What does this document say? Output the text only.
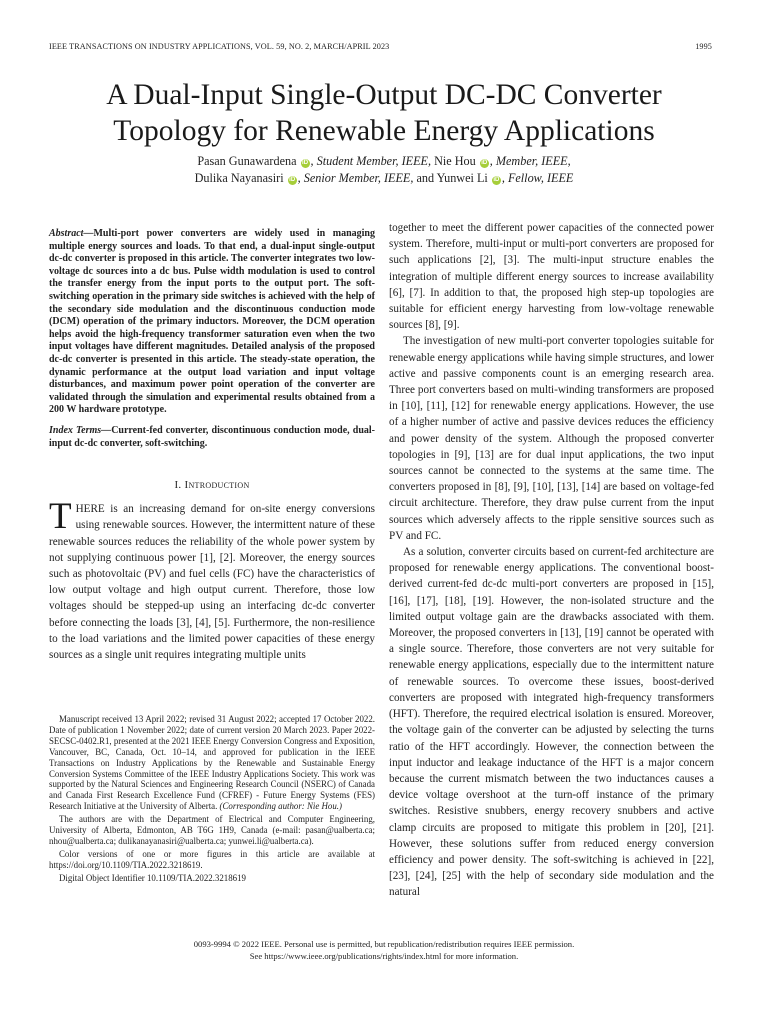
IEEE TRANSACTIONS ON INDUSTRY APPLICATIONS, VOL. 59, NO. 2, MARCH/APRIL 2023	1995
A Dual-Input Single-Output DC-DC Converter
Topology for Renewable Energy Applications
Pasan Gunawardena iD , Student Member, IEEE, Nie Hou iD , Member, IEEE,
Dulika Nayanasiri iD , Senior Member, IEEE, and Yunwei Li iD , Fellow, IEEE

Abstract—Multi-port power converters are widely used in managing multiple energy sources and loads. To that end, a dual-input single-output dc-dc converter is proposed in this article. The converter integrates two low-voltage dc sources into a dc bus. Pulse width modulation is used to control the transfer energy from the input ports to the output port. The soft-switching operation in the primary side switches is achieved with the help of the secondary side modulation and the discontinuous conduction mode (DCM) operation of the primary inductors. Moreover, the DCM operation helps avoid the high-frequency transformer saturation even when the two input voltages have different magnitudes. Detailed analysis of the proposed dc-dc converter is presented in this article. The steady-state operation, the dynamic performance at the output load variation and input voltage disturbances, and maximum power point operation of the converter are validated through the simulation and experimental results obtained from a 200 W hardware prototype.

Index Terms—Current-fed converter, discontinuous conduction mode, dual-input dc-dc converter, soft-switching.

I. Introduction

THERE is an increasing demand for on-site energy conversions using renewable sources. However, the intermittent nature of these renewable sources reduces the reliability of the whole power system by not supplying continuous power [1], [2]. Moreover, the energy sources such as photovoltaic (PV) and fuel cells (FC) have the characteristics of low output voltage and high output current. Therefore, those low voltages should be stepped-up using an interfacing dc-dc converter before connecting the loads [3], [4], [5]. Furthermore, the non-resilience to the load variations and the limited power capacities of these energy sources as a single unit requires integrating multiple units

Manuscript received 13 April 2022; revised 31 August 2022; accepted 17 October 2022. Date of publication 1 November 2022; date of current version 20 March 2023. Paper 2022-SECSC-0402.R1, presented at the 2021 IEEE Energy Conversion Congress and Exposition, Vancouver, BC, Canada, Oct. 10–14, and approved for publication in the IEEE Transactions on Industry Applications by the Renewable and Sustainable Energy Conversion Systems Committee of the IEEE Industry Applications Society. This work was supported by the Natural Sciences and Engineering Research Council (NSERC) of Canada and Canada First Research Excellence Fund (CFREF) - Future Energy Systems (FES) Research Initiative at the University of Alberta. (Corresponding author: Nie Hou.)

The authors are with the Department of Electrical and Computer Engineering, University of Alberta, Edmonton, AB T6G 1H9, Canada (e-mail: pasan@ualberta.ca; nhou@ualberta.ca; dulikanayanasiri@ualberta.ca; yunwei.li@ualberta.ca).

Color versions of one or more figures in this article are available at https://doi.org/10.1109/TIA.2022.3218619.

Digital Object Identifier 10.1109/TIA.2022.3218619

together to meet the different power capacities of the connected power system. Therefore, multi-input or multi-port converters are proposed for such applications [2], [3]. The multi-input structure enables the integration of multiple different energy sources to increase availability [6], [7]. In addition to that, the proposed high step-up topologies are suitable for efficient energy harvesting from low-voltage renewable sources [8], [9].

The investigation of new multi-port converter topologies suitable for renewable energy applications while having simple structures, and lower active and passive components count is an emerging research area. Three port converters based on multi-winding transformers are proposed in [10], [11], [12] for renewable energy applications. However, the use of a higher number of active and passive devices reduces the efficiency and power density of the system. Although the proposed converter topologies in [9], [13] are for dual input applications, the two input sources cannot be connected to the systems at the same time. The converters proposed in [8], [9], [10], [13], [14] are based on voltage-fed circuit architecture. Therefore, they draw pulse current from the input sources which adversely affects to the ripple sensitive sources such as PV and FC.

As a solution, converter circuits based on current-fed architecture are proposed for renewable energy applications. The conventional boost-derived current-fed dc-dc multi-port converters are proposed in [15], [16], [17], [18], [19]. However, the non-isolated structure and the limited output voltage gain are the drawbacks associated with them. Moreover, the proposed converters in [13], [19] cannot be operated with a single source. Therefore, those converters are not very suitable for renewable energy applications, especially due to the intermittent nature of renewable sources. To overcome these issues, boost-derived converters are proposed with integrated high-frequency transformers (HFT). Therefore, the required electrical isolation is ensured. Moreover, the voltage gain of the converter can be adjusted by selecting the turns ratio of the HFT accordingly. However, the connection between the input inductor and leakage inductance of the HFT is a major concern because the current mismatch between the two inductances causes a device voltage overshoot at the turn-off instance of the primary switches. Resistive snubbers, energy recovery snubbers and active clamp circuits are proposed to mitigate this problem in [20], [21]. However, these solutions suffer from reduced energy conversion efficiency and power density. The soft-switching is achieved in [22], [23], [24], [25] with the help of secondary side modulation and the natural

0093-9994 © 2022 IEEE. Personal use is permitted, but republication/redistribution requires IEEE permission.
See https://www.ieee.org/publications/rights/index.html for more information.
